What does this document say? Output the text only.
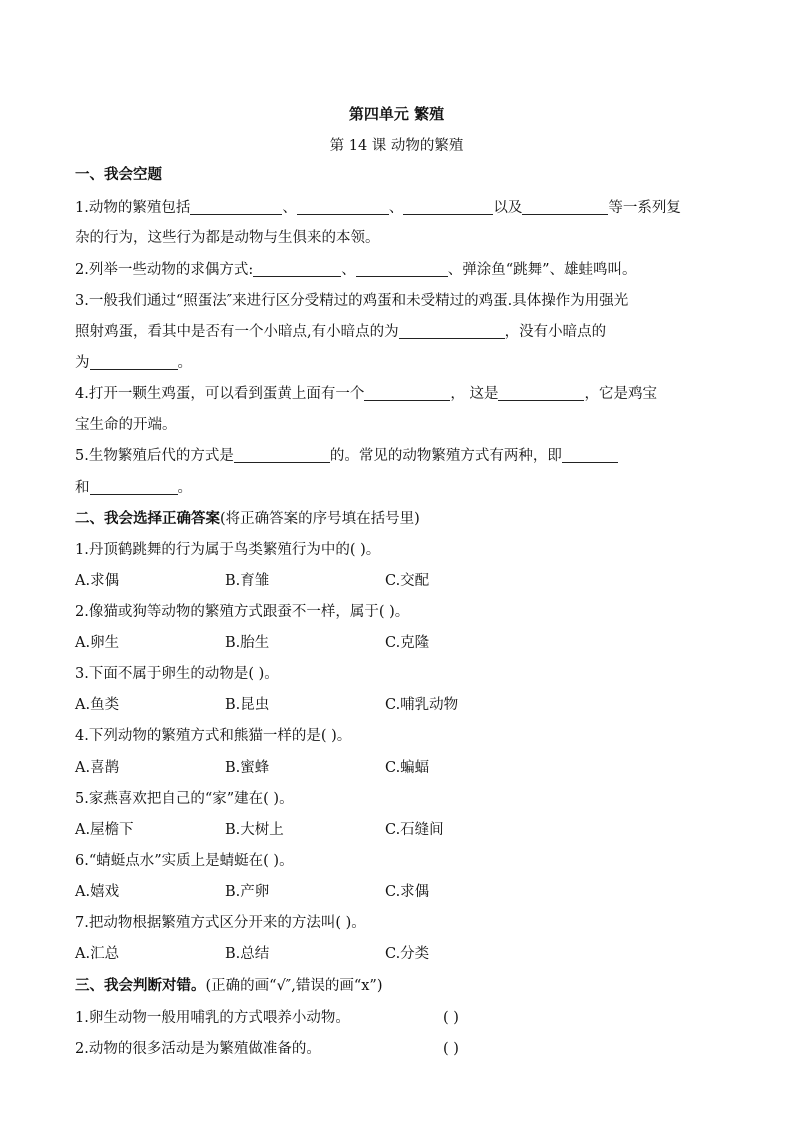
第四单元 繁殖
第 14 课 动物的繁殖
一、我会空题
1.动物的繁殖包括	、	、	以及	等一系列复
杂的行为，这些行为都是动物与生俱来的本领。
2.列举一些动物的求偶方式:	、	、弹涂鱼“跳舞”、雄蛙鸣叫。
3.一般我们通过“照蛋法″来进行区分受精过的鸡蛋和未受精过的鸡蛋.具体操作为用强光
照射鸡蛋，看其中是否有一个小暗点,有小暗点的为	，没有小暗点的
为	。
4.打开一颗生鸡蛋，可以看到蛋黄上面有一个	， 这是	，它是鸡宝
宝生命的开端。
5.生物繁殖后代的方式是	的。常见的动物繁殖方式有两种，即
和	。
二、我会选择正确答案(将正确答案的序号填在括号里)
1.丹顶鹤跳舞的行为属于鸟类繁殖行为中的( )。
A.求偶	B.育雏	C.交配
2.像猫或狗等动物的繁殖方式跟蚕不一样，属于( )。
A.卵生	B.胎生	C.克隆
3.下面不属于卵生的动物是( )。
A.鱼类	B.昆虫	C.哺乳动物
4.下列动物的繁殖方式和熊猫一样的是( )。
A.喜鹊	B.蜜蜂	C.蝙蝠
5.家燕喜欢把自己的“家”建在( )。
A.屋檐下	B.大树上	C.石缝间
6.“蜻蜓点水”实质上是蜻蜓在( )。
A.嬉戏	B.产卵	C.求偶
7.把动物根据繁殖方式区分开来的方法叫( )。
A.汇总	B.总结	C.分类
三、我会判断对错。(正确的画“√″,错误的画“x”)
1.卵生动物一般用哺乳的方式喂养小动物。	( )
2.动物的很多活动是为繁殖做准备的。	( )
